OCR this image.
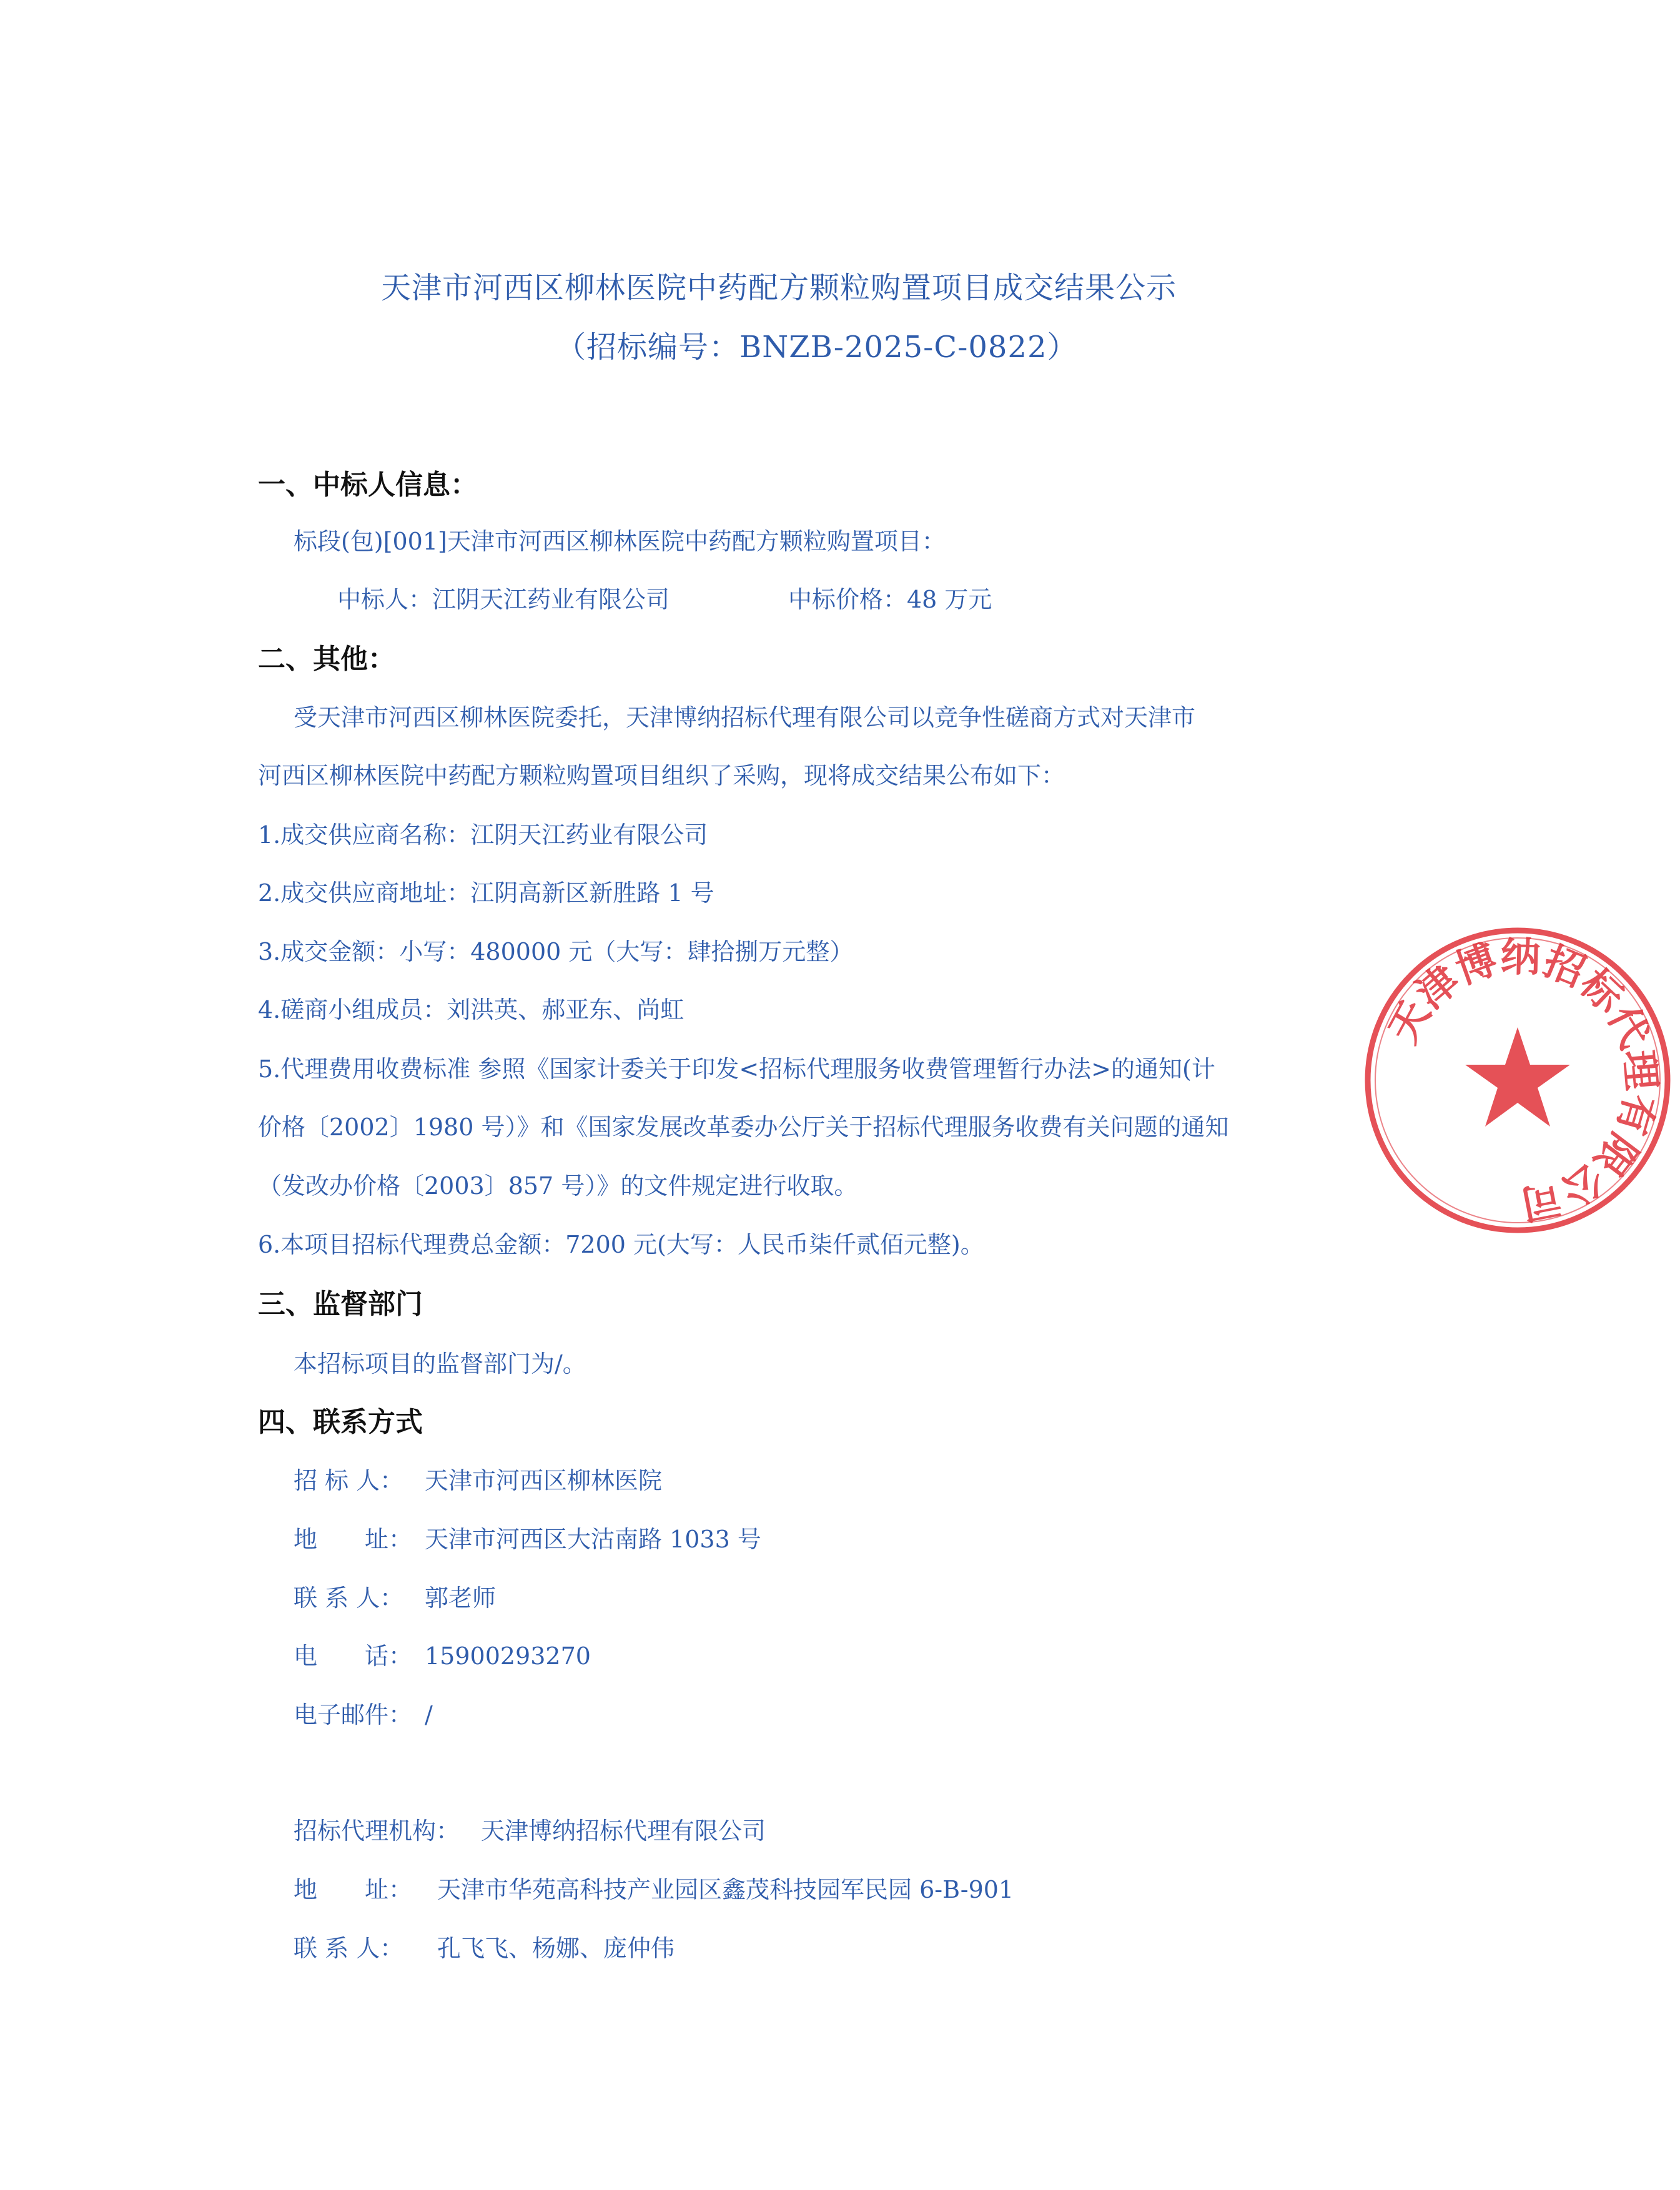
天津市河西区柳林医院中药配方颗粒购置项目成交结果公示
（招标编号：BNZB-2025-C-0822）
一、中标人信息：
标段(包)[001]天津市河西区柳林医院中药配方颗粒购置项目：
中标人：江阴天江药业有限公司	中标价格：48 万元
二、其他：
受天津市河西区柳林医院委托，天津博纳招标代理有限公司以竞争性磋商方式对天津市
河西区柳林医院中药配方颗粒购置项目组织了采购，现将成交结果公布如下：
1.成交供应商名称：江阴天江药业有限公司
2.成交供应商地址：江阴高新区新胜路 1 号
3.成交金额：小写：480000 元（大写：肆拾捌万元整）
4.磋商小组成员：刘洪英、郝亚东、尚虹
5.代理费用收费标准 参照《国家计委关于印发<招标代理服务收费管理暂行办法>的通知(计
价格〔2002〕1980 号）》和《国家发展改革委办公厅关于招标代理服务收费有关问题的通知
（发改办价格〔2003〕857 号）》的文件规定进行收取。
6.本项目招标代理费总金额：7200 元(大写：人民币柒仟贰佰元整)。
三、监督部门
本招标项目的监督部门为/。
四、联系方式
招 标 人： 天津市河西区柳林医院
地　　址： 天津市河西区大沽南路 1033 号
联 系 人： 郭老师
电　　话： 15900293270
电子邮件： /
招标代理机构： 天津博纳招标代理有限公司
地　　址： 天津市华苑高科技产业园区鑫茂科技园军民园 6-B-901
联 系 人： 孔飞飞、杨娜、庞仲伟
天津博纳招标代理有限公司
